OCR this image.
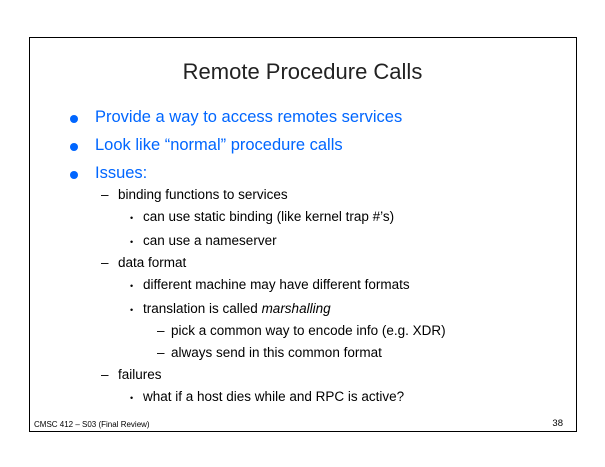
Remote Procedure Calls
Provide a way to access remotes services
Look like “normal” procedure calls
Issues:
– binding functions to services
• can use static binding (like kernel trap #’s)
• can use a nameserver
– data format
• different machine may have different formats
• translation is called marshalling
– pick a common way to encode info (e.g. XDR)
– always send in this common format
– failures
• what if a host dies while and RPC is active?
CMSC 412 – S03 (Final Review)	38
